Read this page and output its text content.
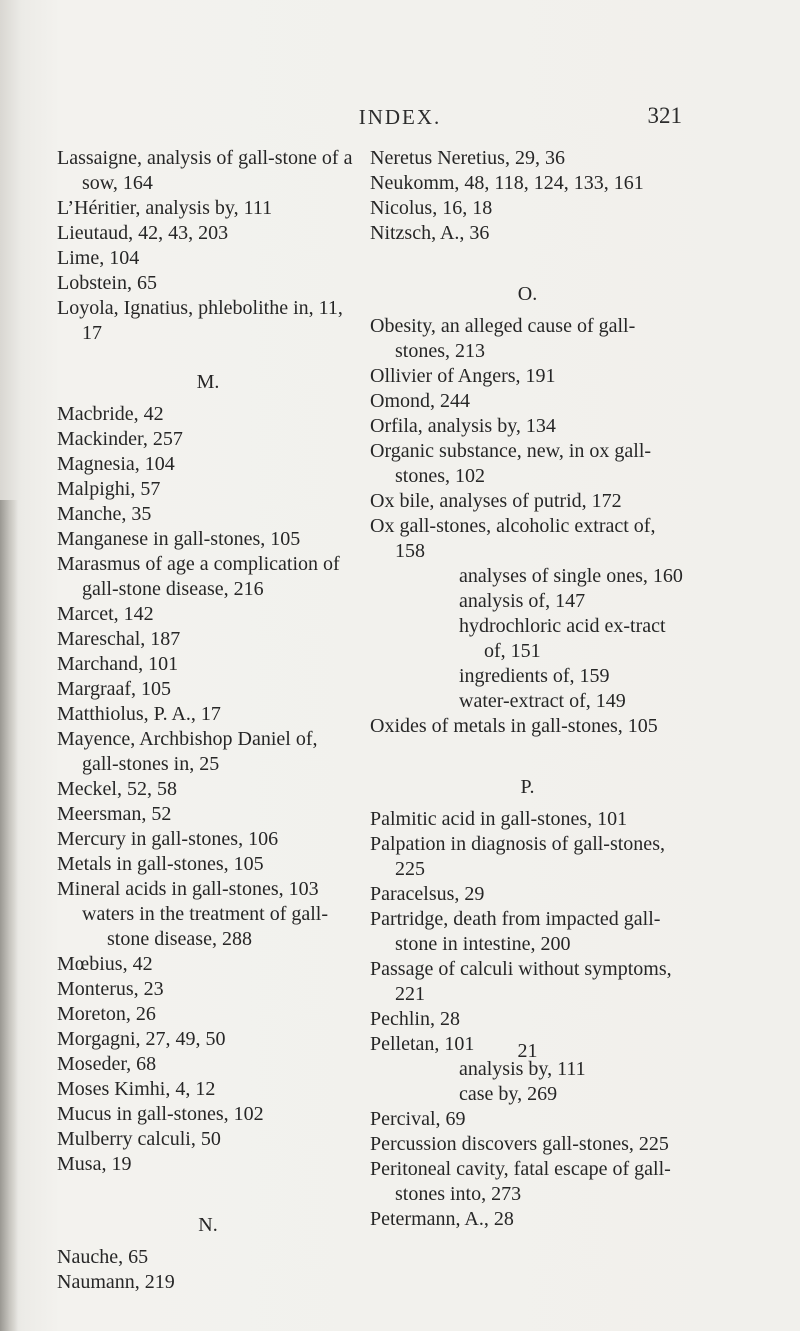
INDEX.	321

Lassaigne, analysis of gall-stone of a sow, 164

L’Héritier, analysis by, 111

Lieutaud, 42, 43, 203

Lime, 104

Lobstein, 65

Loyola, Ignatius, phlebolithe in, 11, 17

M.

Macbride, 42

Mackinder, 257

Magnesia, 104

Malpighi, 57

Manche, 35

Manganese in gall-stones, 105

Marasmus of age a complication of gall-stone disease, 216

Marcet, 142

Mareschal, 187

Marchand, 101

Margraaf, 105

Matthiolus, P. A., 17

Mayence, Archbishop Daniel of, gall-stones in, 25

Meckel, 52, 58

Meersman, 52

Mercury in gall-stones, 106

Metals in gall-stones, 105

Mineral acids in gall-stones, 103

waters in the treatment of gall-stone disease, 288

Mœbius, 42

Monterus, 23

Moreton, 26

Morgagni, 27, 49, 50

Moseder, 68

Moses Kimhi, 4, 12

Mucus in gall-stones, 102

Mulberry calculi, 50

Musa, 19

N.

Nauche, 65

Naumann, 219

Neretus Neretius, 29, 36

Neukomm, 48, 118, 124, 133, 161

Nicolus, 16, 18

Nitzsch, A., 36

O.

Obesity, an alleged cause of gall-stones, 213

Ollivier of Angers, 191

Omond, 244

Orfila, analysis by, 134

Organic substance, new, in ox gall-stones, 102

Ox bile, analyses of putrid, 172

Ox gall-stones, alcoholic extract of, 158

analyses of single ones, 160

analysis of, 147

hydrochloric acid ex-tract of, 151

ingredients of, 159

water-extract of, 149

Oxides of metals in gall-stones, 105

P.

Palmitic acid in gall-stones, 101

Palpation in diagnosis of gall-stones, 225

Paracelsus, 29

Partridge, death from impacted gall-stone in intestine, 200

Passage of calculi without symptoms, 221

Pechlin, 28

Pelletan, 101

analysis by, 111

case by, 269

Percival, 69

Percussion discovers gall-stones, 225

Peritoneal cavity, fatal escape of gall-stones into, 273

Petermann, A., 28

21
